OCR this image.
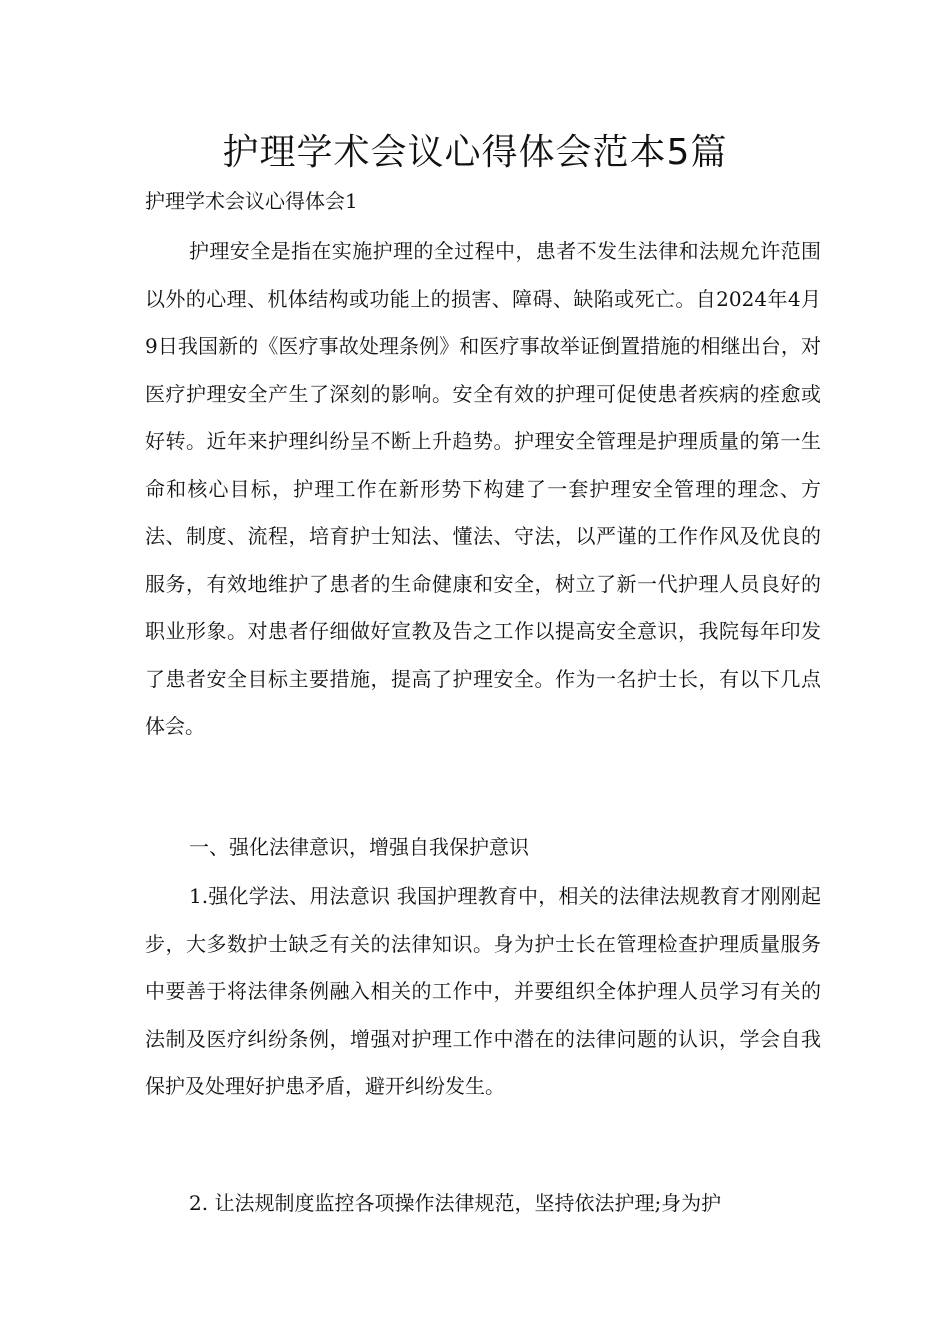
护理学术会议心得体会范本5篇
护理学术会议心得体会1

护理安全是指在实施护理的全过程中，患者不发生法律和法规允许范围以外的心理、机体结构或功能上的损害、障碍、缺陷或死亡。自2024年4月9日我国新的《医疗事故处理条例》和医疗事故举证倒置措施的相继出台，对医疗护理安全产生了深刻的影响。安全有效的护理可促使患者疾病的痊愈或好转。近年来护理纠纷呈不断上升趋势。护理安全管理是护理质量的第一生命和核心目标，护理工作在新形势下构建了一套护理安全管理的理念、方法、制度、流程，培育护士知法、懂法、守法，以严谨的工作作风及优良的服务，有效地维护了患者的生命健康和安全，树立了新一代护理人员良好的职业形象。对患者仔细做好宣教及告之工作以提高安全意识，我院每年印发了患者安全目标主要措施，提高了护理安全。作为一名护士长，有以下几点体会。

一、强化法律意识，增强自我保护意识

1.强化学法、用法意识 我国护理教育中，相关的法律法规教育才刚刚起步，大多数护士缺乏有关的法律知识。身为护士长在管理检查护理质量服务中要善于将法律条例融入相关的工作中，并要组织全体护理人员学习有关的法制及医疗纠纷条例，增强对护理工作中潜在的法律问题的认识，学会自我保护及处理好护患矛盾，避开纠纷发生。

2. 让法规制度监控各项操作法律规范，坚持依法护理;身为护
